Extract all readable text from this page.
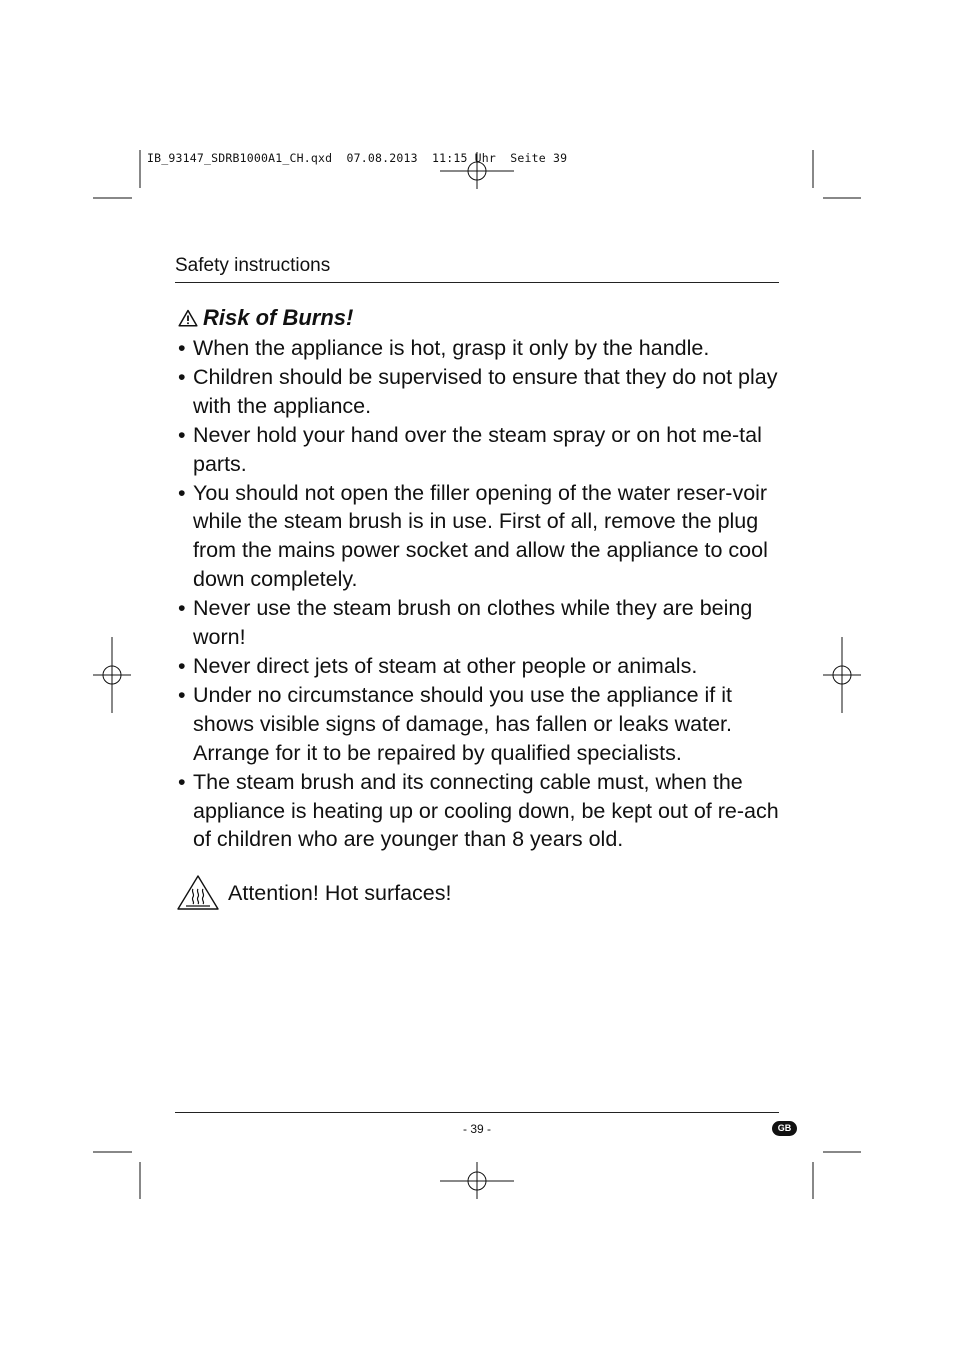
IB_93147_SDRB1000A1_CH.qxd  07.08.2013  11:15 Uhr  Seite 39
Safety instructions
Risk of Burns!
• When the appliance is hot, grasp it only by the handle.
• Children should be supervised to ensure that they do not play with the appliance.
• Never hold your hand over the steam spray or on hot me-tal parts.
• You should not open the filler opening of the water reser-voir while the steam brush is in use. First of all, remove the plug from the mains power socket and allow the appliance to cool down completely.
• Never use the steam brush on clothes while they are being worn!
• Never direct jets of steam at other people or animals.
• Under no circumstance should you use the appliance if it shows visible signs of damage, has fallen or leaks water. Arrange for it to be repaired by qualified specialists.
• The steam brush and its connecting cable must, when the appliance is heating up or cooling down, be kept out of re-ach of children who are younger than 8 years old.
Attention! Hot surfaces!
- 39 -	GB
